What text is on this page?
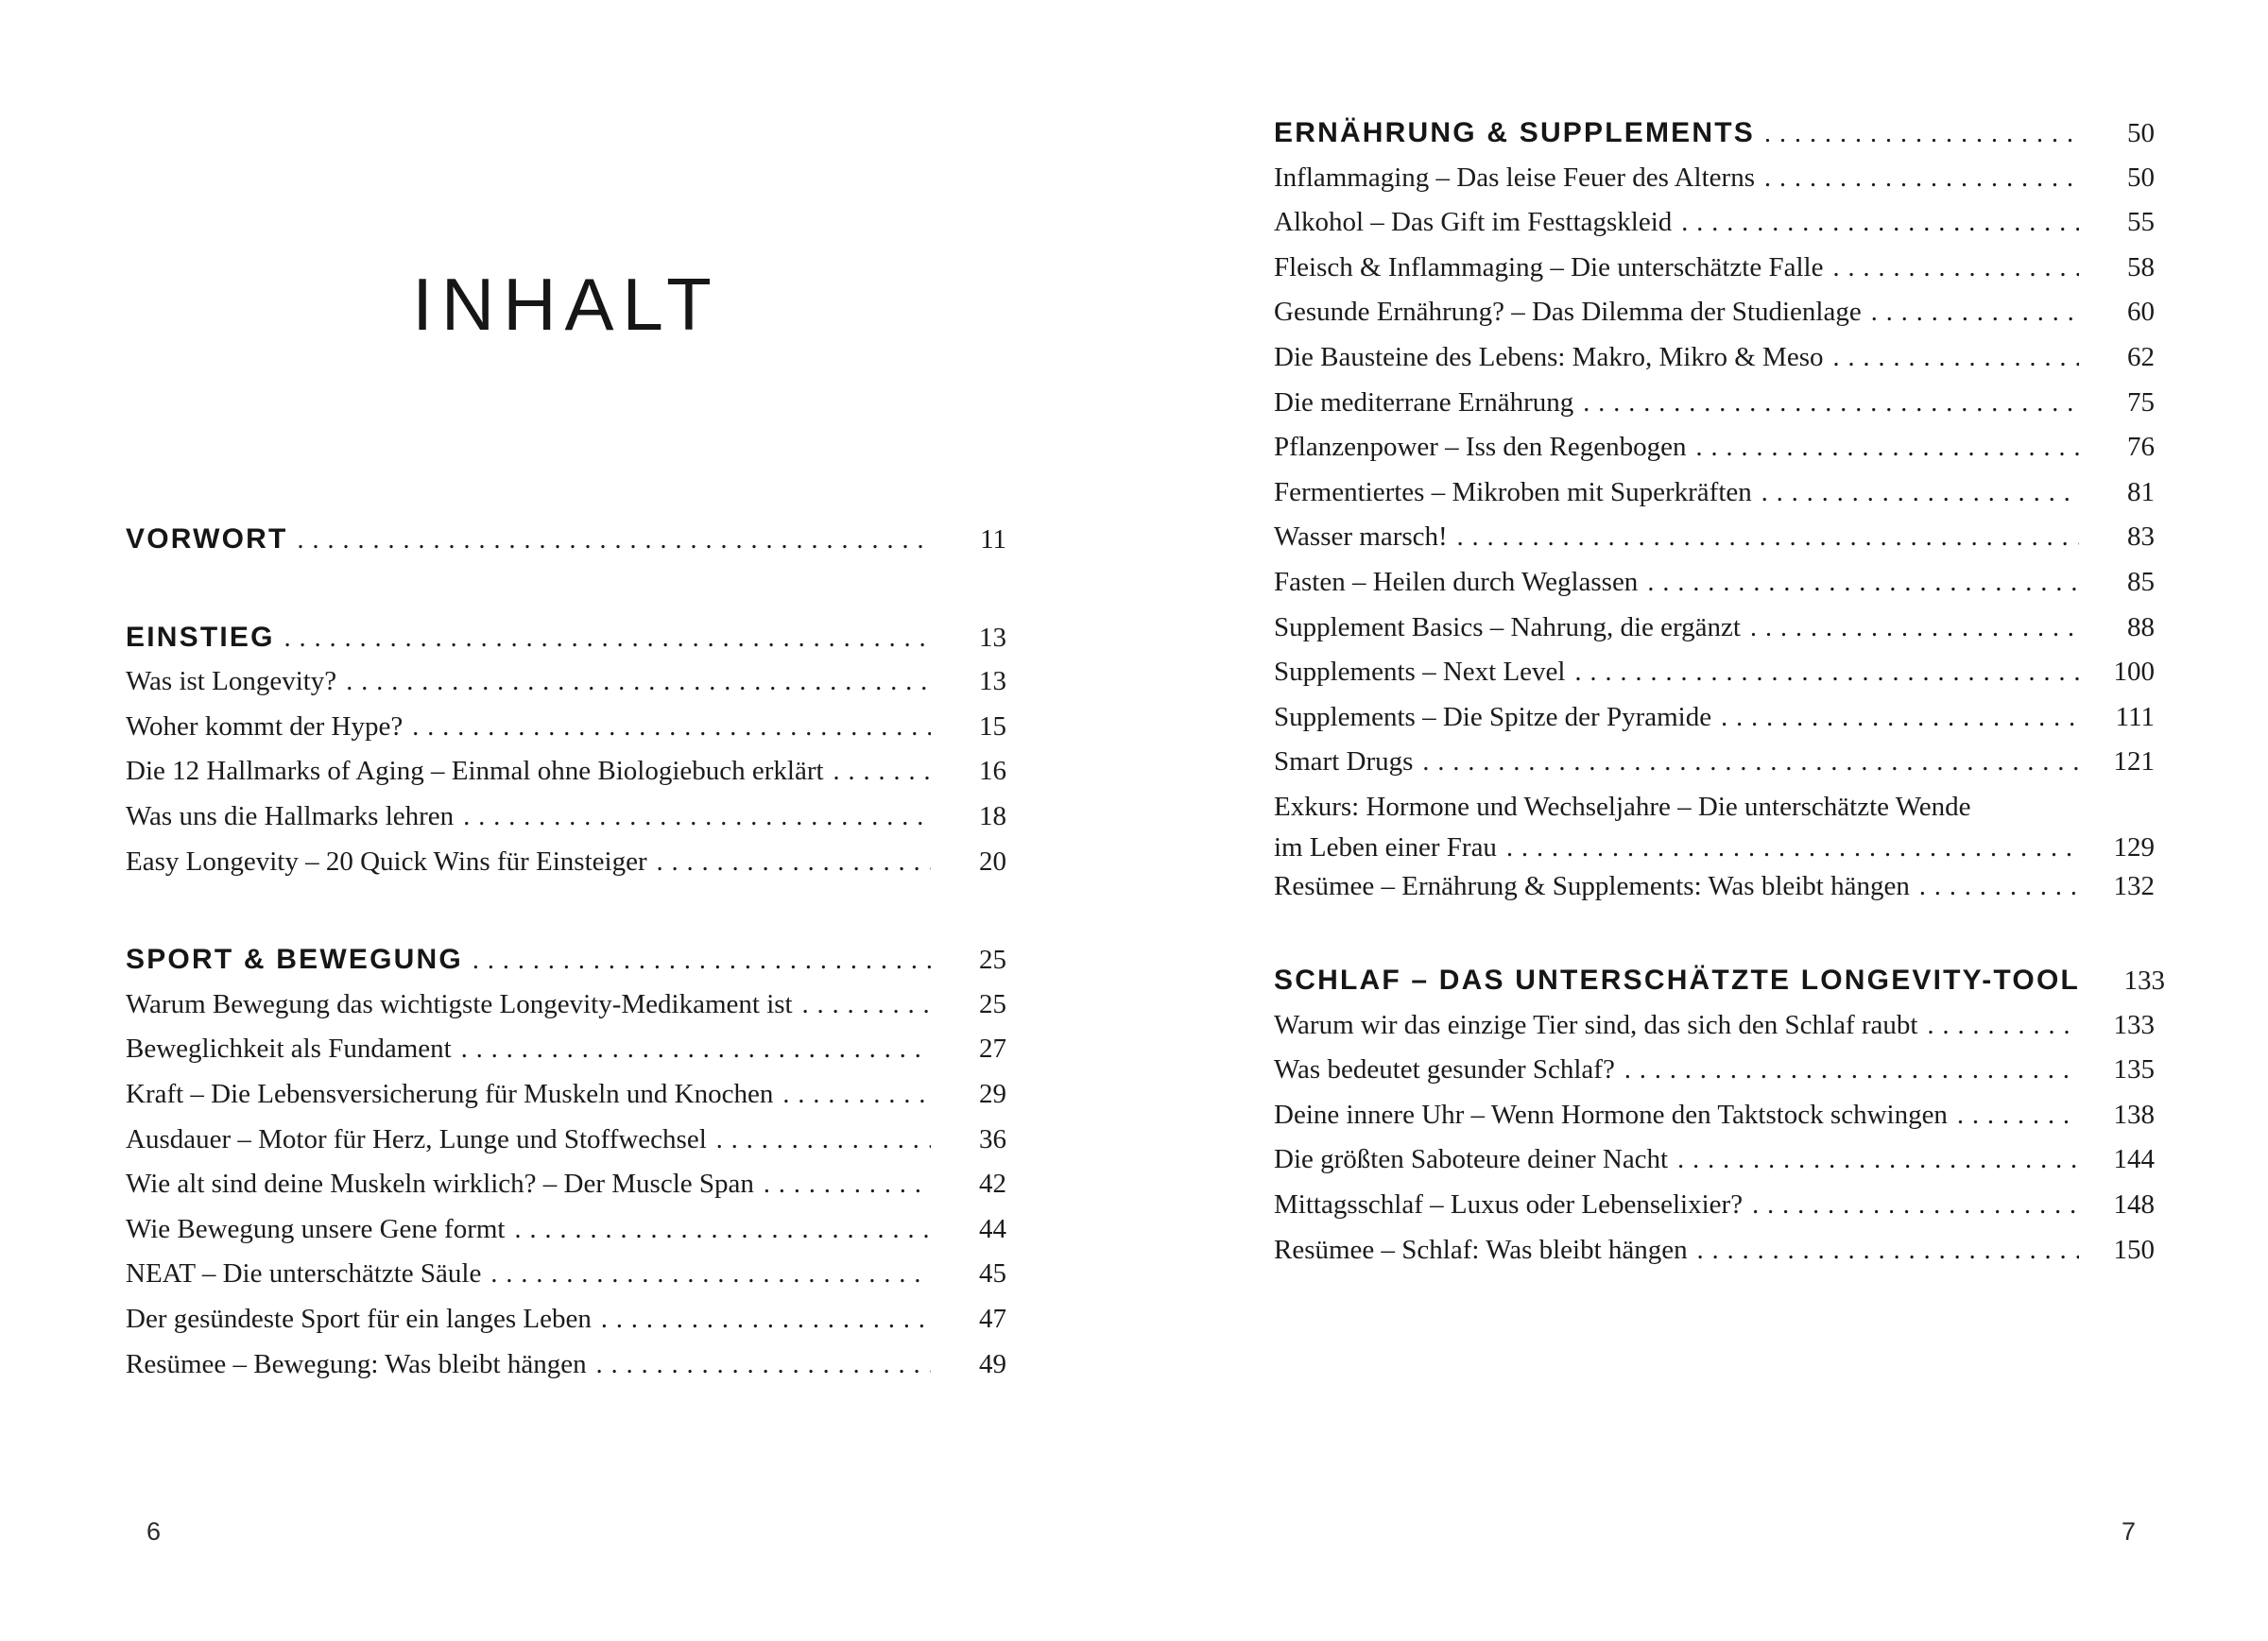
INHALT
VORWORT . . .	11
EINSTIEG . . .	13
Was ist Longevity? . . .	13
Woher kommt der Hype? . . .	15
Die 12 Hallmarks of Aging – Einmal ohne Biologiebuch erklärt . . .	16
Was uns die Hallmarks lehren . . .	18
Easy Longevity – 20 Quick Wins für Einsteiger . . .	20
SPORT & BEWEGUNG . . .	25
Warum Bewegung das wichtigste Longevity-Medikament ist . . .	25
Beweglichkeit als Fundament . . .	27
Kraft – Die Lebensversicherung für Muskeln und Knochen . . .	29
Ausdauer – Motor für Herz, Lunge und Stoffwechsel . . .	36
Wie alt sind deine Muskeln wirklich? – Der Muscle Span . . .	42
Wie Bewegung unsere Gene formt . . .	44
NEAT – Die unterschätzte Säule . . .	45
Der gesündeste Sport für ein langes Leben . . .	47
Resümee – Bewegung: Was bleibt hängen . . .	49
6
ERNÄHRUNG & SUPPLEMENTS . . .	50
Inflammaging – Das leise Feuer des Alterns . . .	50
Alkohol – Das Gift im Festtagskleid . . .	55
Fleisch & Inflammaging – Die unterschätzte Falle . . .	58
Gesunde Ernährung? – Das Dilemma der Studienlage . . .	60
Die Bausteine des Lebens: Makro, Mikro & Meso . . .	62
Die mediterrane Ernährung . . .	75
Pflanzenpower – Iss den Regenbogen . . .	76
Fermentiertes – Mikroben mit Superkräften . . .	81
Wasser marsch! . . .	83
Fasten – Heilen durch Weglassen . . .	85
Supplement Basics – Nahrung, die ergänzt . . .	88
Supplements – Next Level . . .	100
Supplements – Die Spitze der Pyramide . . .	111
Smart Drugs . . .	121
Exkurs: Hormone und Wechseljahre – Die unterschätzte Wende
im Leben einer Frau . . .	129
Resümee – Ernährung & Supplements: Was bleibt hängen . . .	132
SCHLAF – DAS UNTERSCHÄTZTE LONGEVITY-TOOL	133
Warum wir das einzige Tier sind, das sich den Schlaf raubt . . .	133
Was bedeutet gesunder Schlaf? . . .	135
Deine innere Uhr – Wenn Hormone den Taktstock schwingen . . .	138
Die größten Saboteure deiner Nacht . . .	144
Mittagsschlaf – Luxus oder Lebenselixier? . . .	148
Resümee – Schlaf: Was bleibt hängen . . .	150
7
